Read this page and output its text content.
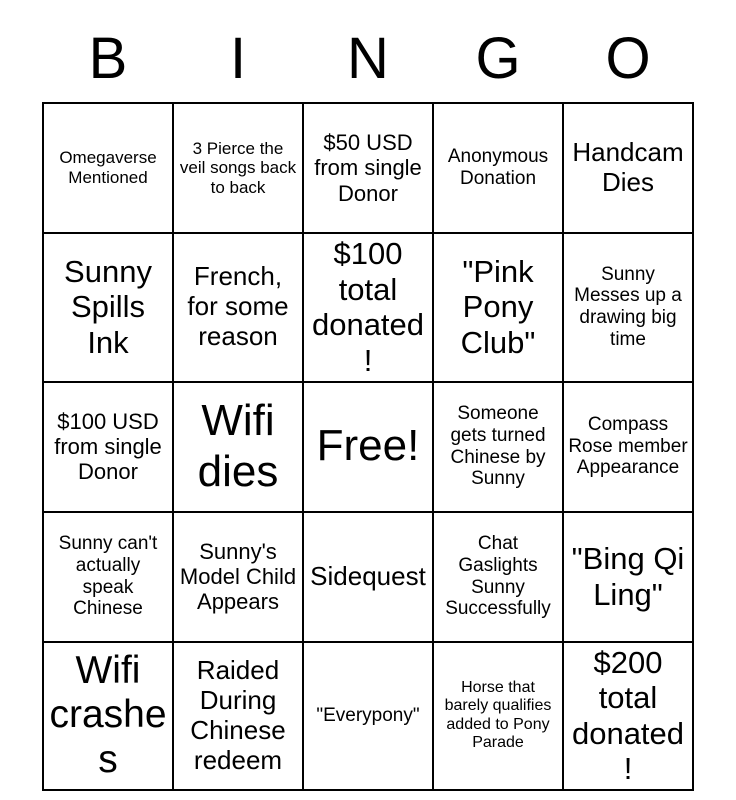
B	I	N	G	O
Omegaverse Mentioned	3 Pierce the veil songs back to back	$50 USD from single Donor	Anonymous Donation	Handcam Dies
Sunny Spills Ink	French, for some reason	$100 total donated!	"Pink Pony Club"	Sunny Messes up a drawing big time
$100 USD from single Donor	Wifi dies	Free!	Someone gets turned Chinese by Sunny	Compass Rose member Appearance
Sunny can't actually speak Chinese	Sunny's Model Child Appears	Sidequest	Chat Gaslights Sunny Successfully	"Bing Qi Ling"
Wifi crashes	Raided During Chinese redeem	"Everypony"	Horse that barely qualifies added to Pony Parade	$200 total donated!
